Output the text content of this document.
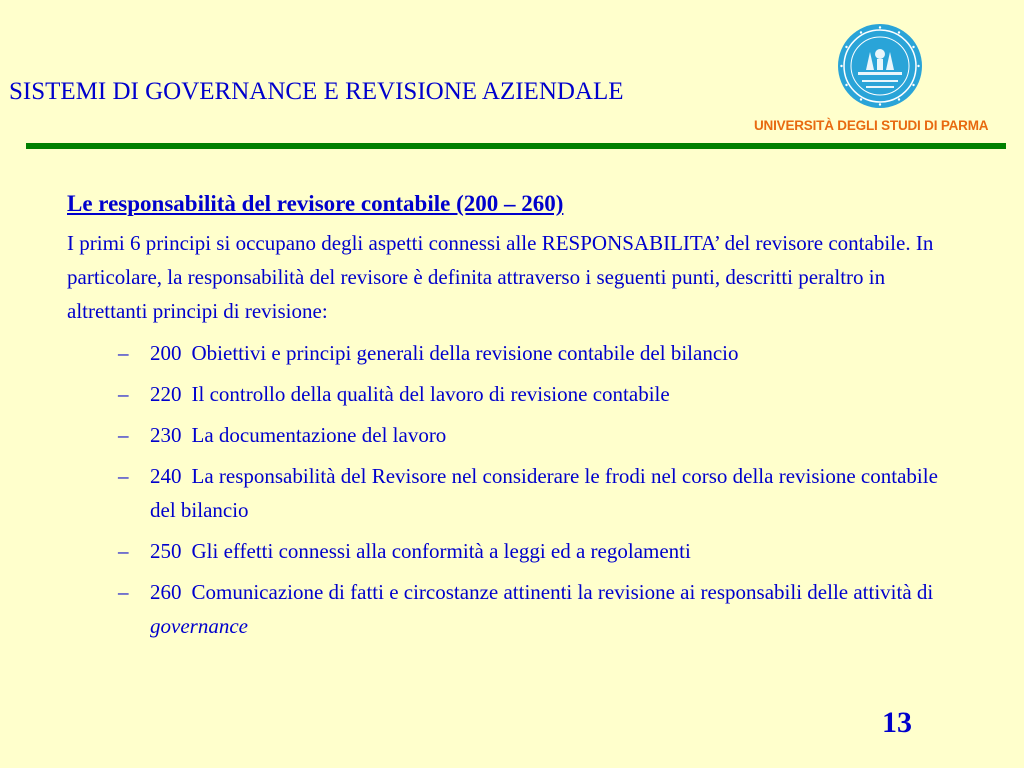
SISTEMI DI GOVERNANCE E REVISIONE AZIENDALE
UNIVERSITÀ DEGLI STUDI DI PARMA
Le responsabilità del revisore contabile (200 – 260)

I primi 6 principi si occupano degli aspetti connessi alle RESPONSABILITA’ del revisore contabile. In particolare, la responsabilità del revisore è definita attraverso i seguenti punti, descritti peraltro in altrettanti principi di revisione:

– 200 Obiettivi e principi generali della revisione contabile del bilancio
– 220 Il controllo della qualità del lavoro di revisione contabile
– 230 La documentazione del lavoro
– 240 La responsabilità del Revisore nel considerare le frodi nel corso della revisione contabile del bilancio
– 250 Gli effetti connessi alla conformità a leggi ed a regolamenti
– 260 Comunicazione di fatti e circostanze attinenti la revisione ai responsabili delle attività di governance
13
